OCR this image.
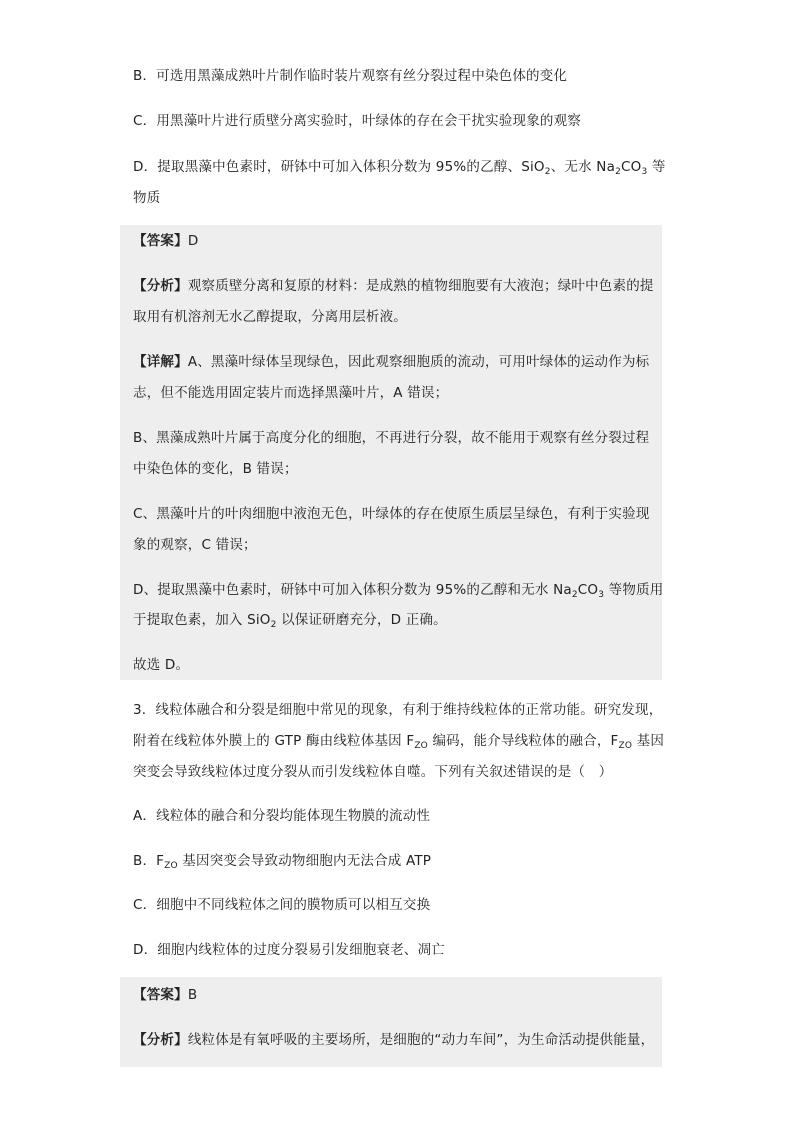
B．可选用黑藻成熟叶片制作临时装片观察有丝分裂过程中染色体的变化
C．用黑藻叶片进行质壁分离实验时，叶绿体的存在会干扰实验现象的观察
D．提取黑藻中色素时，研钵中可加入体积分数为 95%的乙醇、SiO$_2$、无水 $Na_2CO_3$ 等
物质
【答案】D
【分析】观察质壁分离和复原的材料：是成熟的植物细胞要有大液泡；绿叶中色素的提
取用有机溶剂无水乙醇提取，分离用层析液。
【详解】A、黑藻叶绿体呈现绿色，因此观察细胞质的流动，可用叶绿体的运动作为标
志，但不能选用固定装片而选择黑藻叶片，A 错误；
B、黑藻成熟叶片属于高度分化的细胞，不再进行分裂，故不能用于观察有丝分裂过程
中染色体的变化，B 错误；
C、黑藻叶片的叶肉细胞中液泡无色，叶绿体的存在使原生质层呈绿色，有利于实验现
象的观察，C 错误；
D、提取黑藻中色素时，研钵中可加入体积分数为 95%的乙醇和无水 $Na_2CO_3$ 等物质用
于提取色素，加入 SiO$_2$ 以保证研磨充分，D 正确。
故选 D。
3．线粒体融合和分裂是细胞中常见的现象，有利于维持线粒体的正常功能。研究发现，
附着在线粒体外膜上的 GTP 酶由线粒体基因 $F_{ZO}$ 编码，能介导线粒体的融合，$F_{ZO}$ 基因
突变会导致线粒体过度分裂从而引发线粒体自噬。下列有关叙述错误的是（　）
A．线粒体的融合和分裂均能体现生物膜的流动性
B．$F_{ZO}$ 基因突变会导致动物细胞内无法合成 ATP
C．细胞中不同线粒体之间的膜物质可以相互交换
D．细胞内线粒体的过度分裂易引发细胞衰老、凋亡
【答案】B
【分析】线粒体是有氧呼吸的主要场所，是细胞的“动力车间”，为生命活动提供能量，
